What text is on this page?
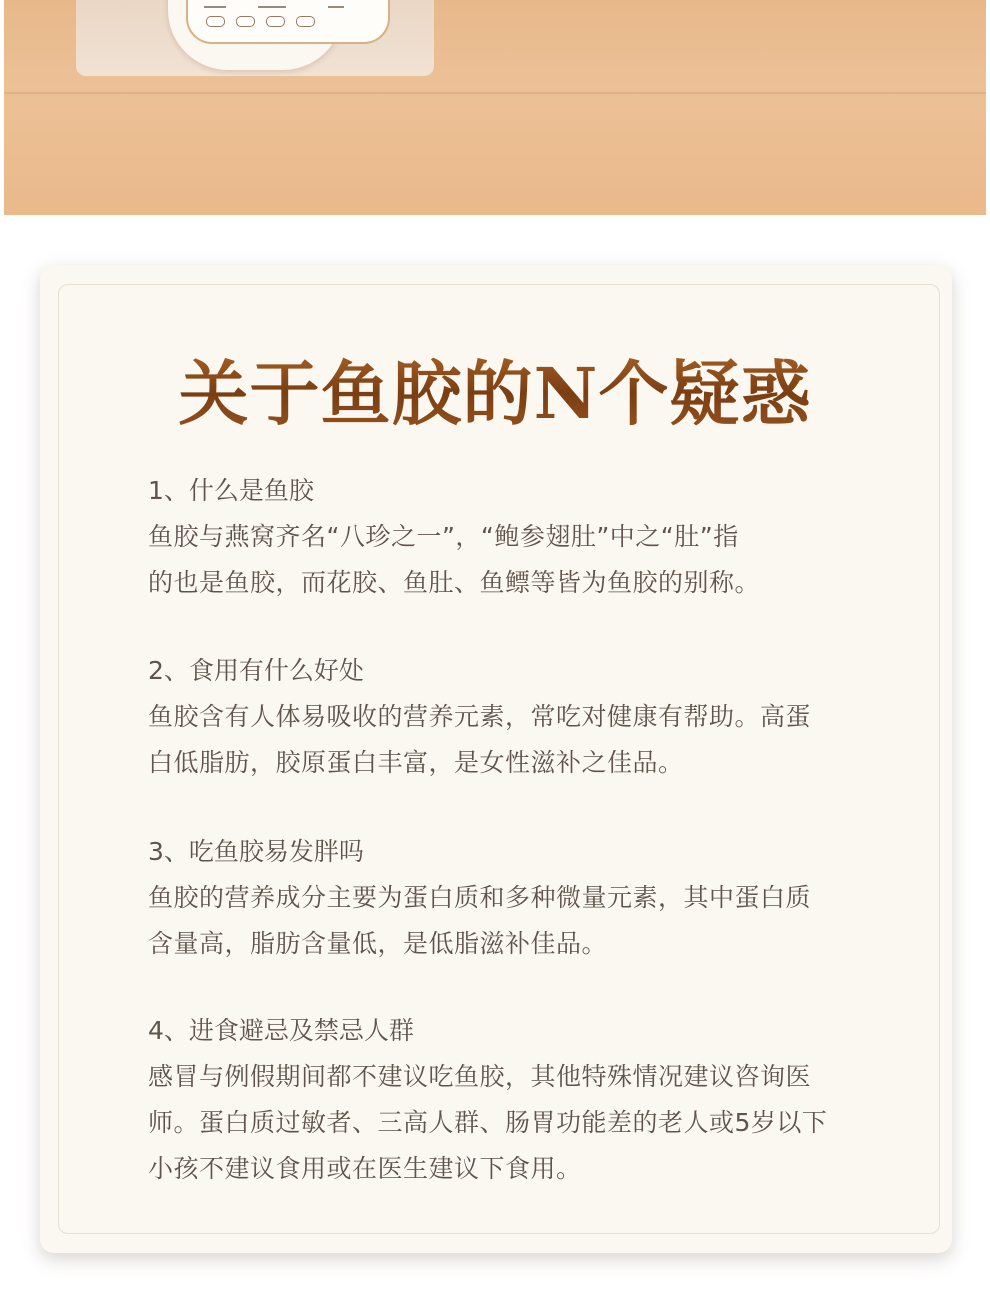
关于鱼胶的N个疑惑
1、什么是鱼胶
鱼胶与燕窝齐名“八珍之一”，“鲍参翅肚”中之“肚”指
的也是鱼胶，而花胶、鱼肚、鱼鳔等皆为鱼胶的别称。
2、食用有什么好处
鱼胶含有人体易吸收的营养元素，常吃对健康有帮助。高蛋
白低脂肪，胶原蛋白丰富，是女性滋补之佳品。
3、吃鱼胶易发胖吗
鱼胶的营养成分主要为蛋白质和多种微量元素，其中蛋白质
含量高，脂肪含量低，是低脂滋补佳品。
4、进食避忌及禁忌人群
感冒与例假期间都不建议吃鱼胶，其他特殊情况建议咨询医
师。蛋白质过敏者、三高人群、肠胃功能差的老人或5岁以下
小孩不建议食用或在医生建议下食用。
